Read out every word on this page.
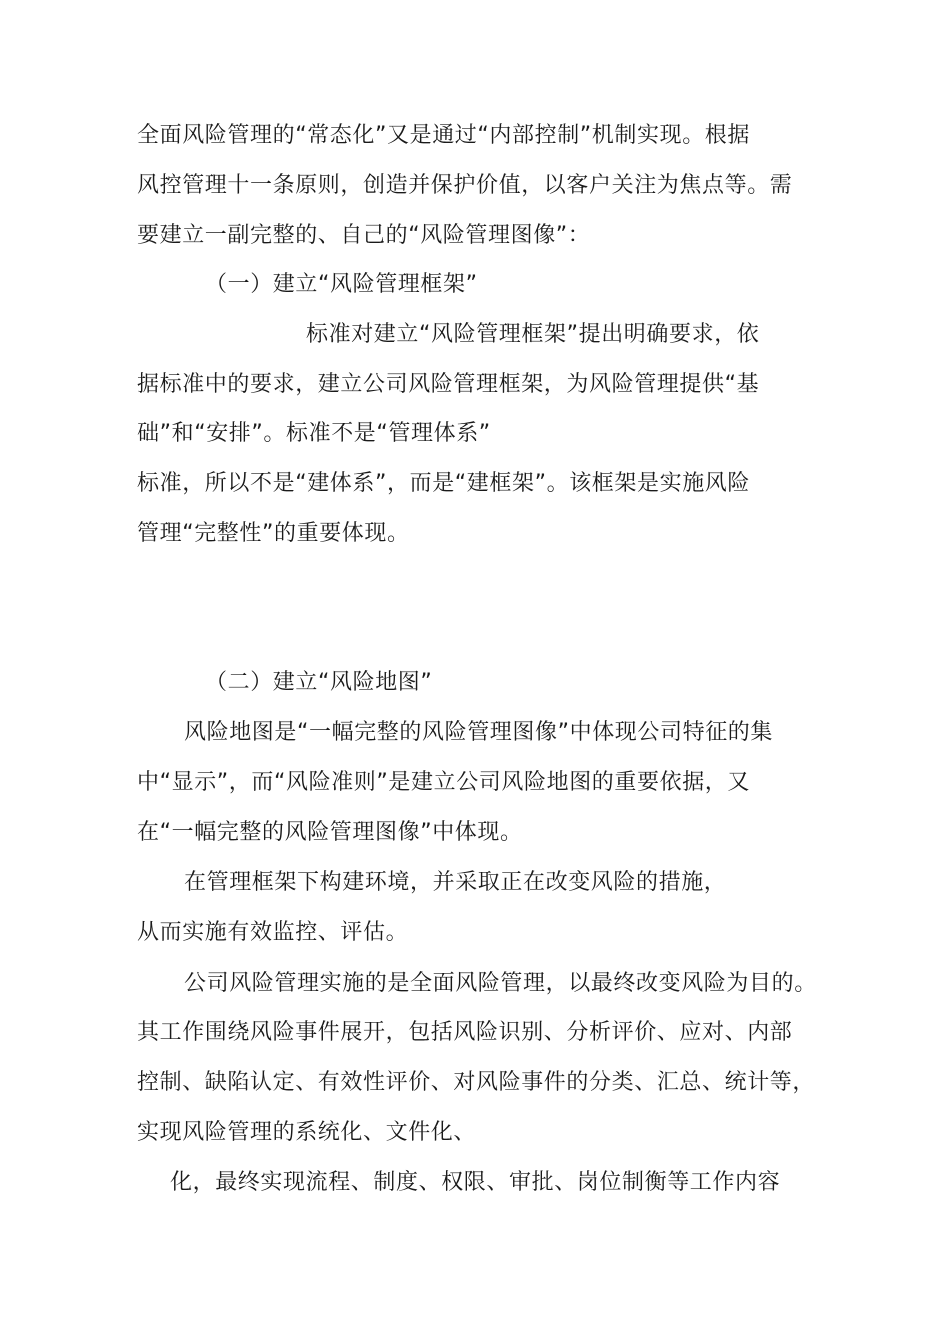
全面风险管理的“常态化”又是通过“内部控制”机制实现。根据
风控管理十一条原则，创造并保护价值，以客户关注为焦点等。需
要建立一副完整的、自己的“风险管理图像”：
（一）建立“风险管理框架”
标准对建立“风险管理框架”提出明确要求，依
据标准中的要求，建立公司风险管理框架，为风险管理提供“基
础”和“安排”。标准不是“管理体系”
标准，所以不是“建体系”，而是“建框架”。该框架是实施风险
管理“完整性”的重要体现。
（二）建立“风险地图”
风险地图是“一幅完整的风险管理图像”中体现公司特征的集
中“显示”，而“风险准则”是建立公司风险地图的重要依据，又
在“一幅完整的风险管理图像”中体现。
在管理框架下构建环境，并采取正在改变风险的措施，
从而实施有效监控、评估。
公司风险管理实施的是全面风险管理，以最终改变风险为目的。
其工作围绕风险事件展开，包括风险识别、分析评价、应对、内部
控制、缺陷认定、有效性评价、对风险事件的分类、汇总、统计等，
实现风险管理的系统化、文件化、
化，最终实现流程、制度、权限、审批、岗位制衡等工作内容
